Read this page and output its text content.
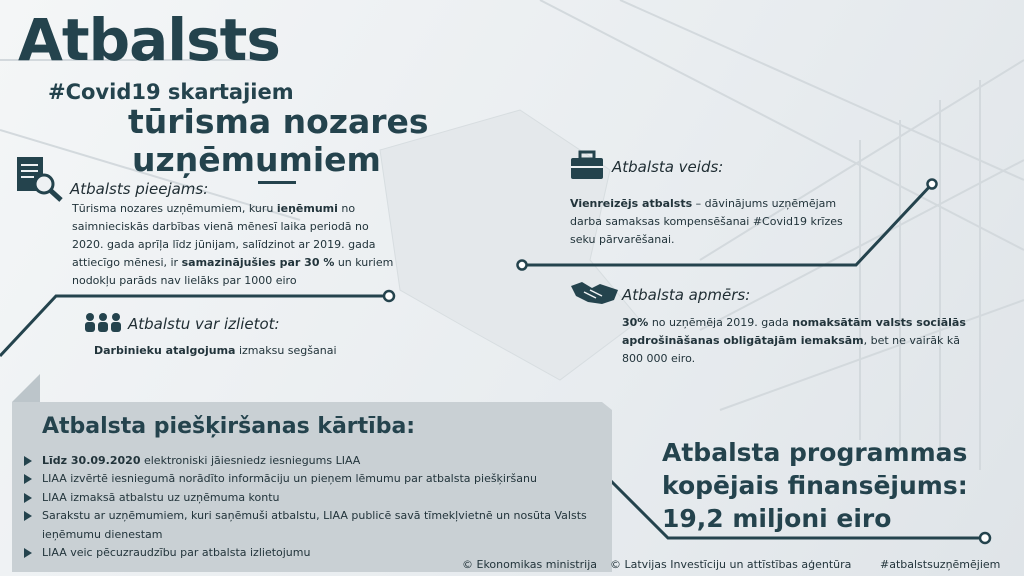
Atbalsts
#Covid19 skartajiem
tūrisma nozares
uzņēmumiem
Atbalsts pieejams:
Tūrisma nozares uzņēmumiem, kuru ieņēmumi no saimnieciskās darbības vienā mēnesī laika periodā no 2020. gada aprīļa līdz jūnijam, salīdzinot ar 2019. gada attiecīgo mēnesi, ir samazinājušies par 30 % un kuriem nodokļu parāds nav lielāks par 1000 eiro
Atbalstu var izlietot:
Darbinieku atalgojuma izmaksu segšanai
Atbalsta veids:
Vienreizējs atbalsts – dāvinājums uzņēmējam darba samaksas kompensēšanai #Covid19 krīzes seku pārvarēšanai.
Atbalsta apmērs:
30% no uzņēmēja 2019. gada nomaksātām valsts sociālās apdrošināšanas obligātajām iemaksām, bet ne vairāk kā 800 000 eiro.
Atbalsta piešķiršanas kārtība:
Līdz 30.09.2020 elektroniski jāiesniedz iesniegums LIAA
LIAA izvērtē iesniegumā norādīto informāciju un pieņem lēmumu par atbalsta piešķiršanu
LIAA izmaksā atbalstu uz uzņēmuma kontu
Sarakstu ar uzņēmumiem, kuri saņēmuši atbalstu, LIAA publicē savā tīmekļvietnē un nosūta Valsts ieņēmumu dienestam
LIAA veic pēcuzraudzību par atbalsta izlietojumu
Atbalsta programmas
kopējais finansējums:
19,2 miljoni eiro
© Ekonomikas ministrija © Latvijas Investīciju un attīstības aģentūra	#atbalstsuzņēmējiem
